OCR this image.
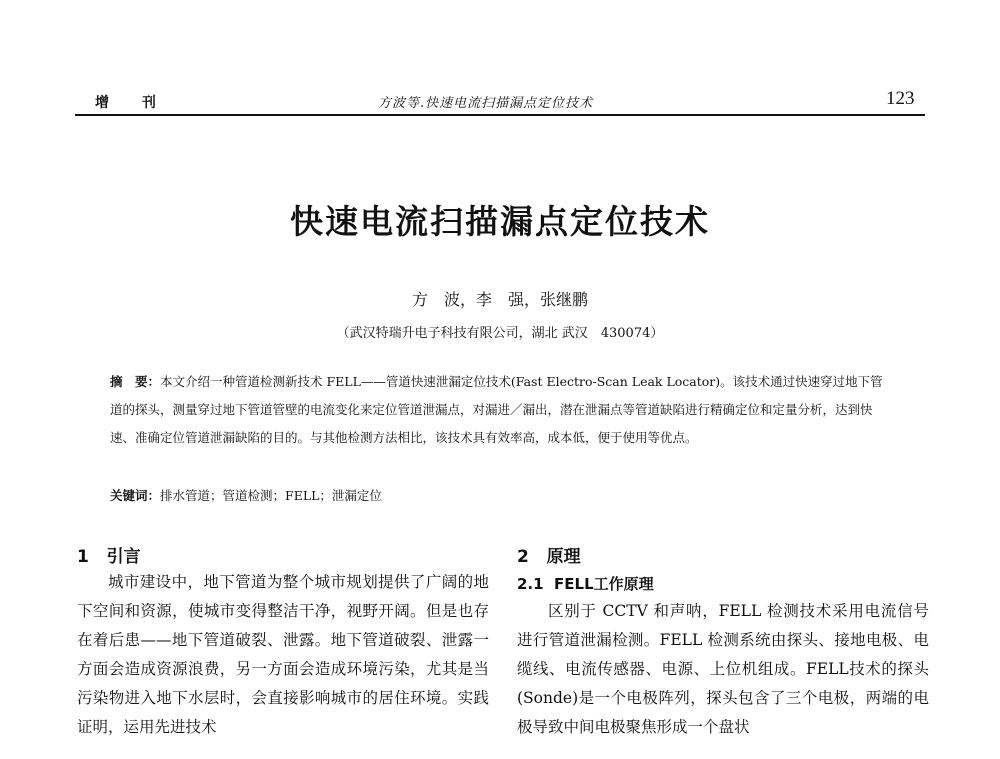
增 刊	方波等.快速电流扫描漏点定位技术	123
快速电流扫描漏点定位技术
方　波，李　强，张继鹏
（武汉特瑞升电子科技有限公司，湖北 武汉　430074）
摘　要：本文介绍一种管道检测新技术 FELL——管道快速泄漏定位技术(Fast Electro-Scan Leak Locator)。该技术通过快速穿过地下管道的探头，测量穿过地下管道管壁的电流变化来定位管道泄漏点，对漏进／漏出，潜在泄漏点等管道缺陷进行精确定位和定量分析，达到快速、准确定位管道泄漏缺陷的目的。与其他检测方法相比，该技术具有效率高，成本低，便于使用等优点。
关键词：排水管道；管道检测；FELL；泄漏定位
1 引言

城市建设中，地下管道为整个城市规划提供了广阔的地下空间和资源，使城市变得整洁干净，视野开阔。但是也存在着后患——地下管道破裂、泄露。地下管道破裂、泄露一方面会造成资源浪费，另一方面会造成环境污染，尤其是当污染物进入地下水层时，会直接影响城市的居住环境。实践证明，运用先进技术

2 原理
2.1 FELL工作原理

区别于 CCTV 和声呐，FELL 检测技术采用电流信号进行管道泄漏检测。FELL 检测系统由探头、接地电极、电缆线、电流传感器、电源、上位机组成。FELL技术的探头(Sonde)是一个电极阵列，探头包含了三个电极，两端的电极导致中间电极聚焦形成一个盘状
